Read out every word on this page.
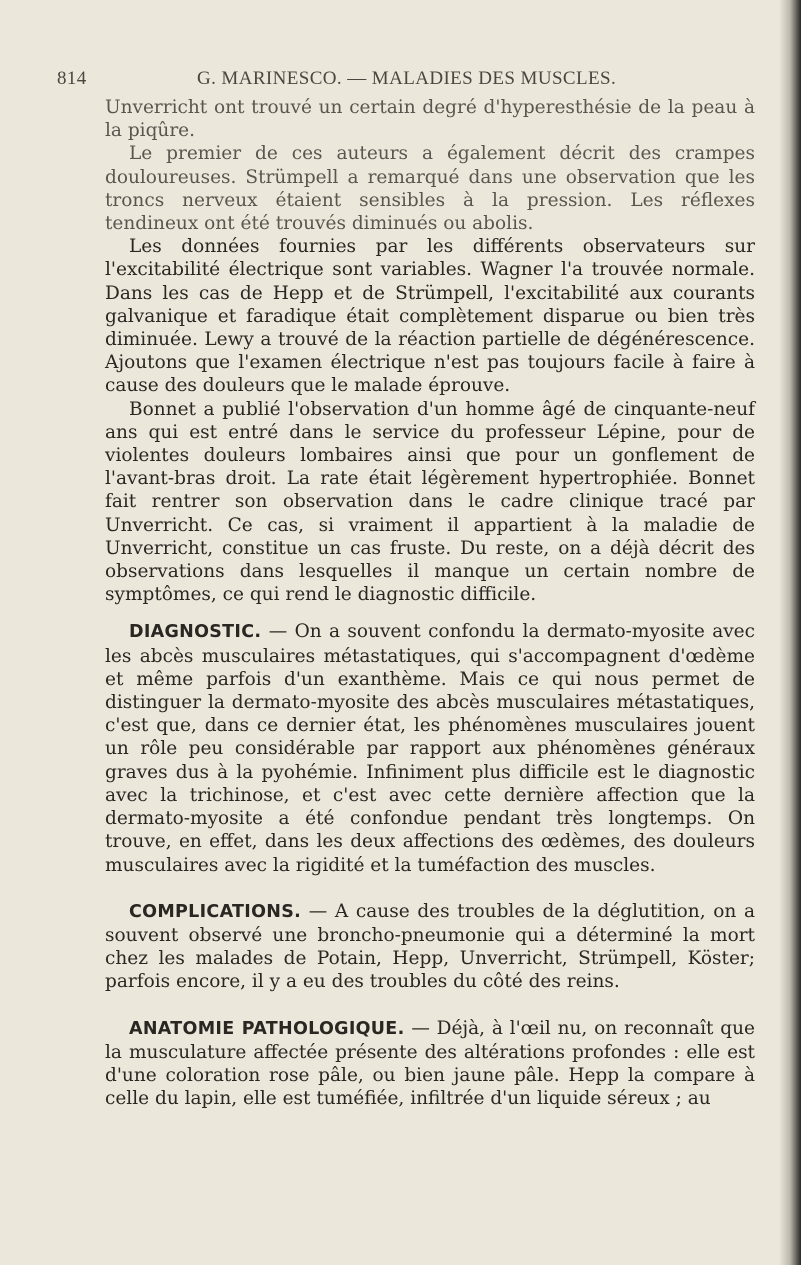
814	G. MARINESCO. — MALADIES DES MUSCLES.

Unverricht ont trouvé un certain degré d'hyperesthésie de la peau à la piqûre.

Le premier de ces auteurs a également décrit des crampes douloureuses. Strümpell a remarqué dans une observation que les troncs nerveux étaient sensibles à la pression. Les réflexes tendineux ont été trouvés diminués ou abolis.

Les données fournies par les différents observateurs sur l'excitabilité électrique sont variables. Wagner l'a trouvée normale. Dans les cas de Hepp et de Strümpell, l'excitabilité aux courants galvanique et faradique était complètement disparue ou bien très diminuée. Lewy a trouvé de la réaction partielle de dégénérescence. Ajoutons que l'examen électrique n'est pas toujours facile à faire à cause des douleurs que le malade éprouve.

Bonnet a publié l'observation d'un homme âgé de cinquante-neuf ans qui est entré dans le service du professeur Lépine, pour de violentes douleurs lombaires ainsi que pour un gonflement de l'avant-bras droit. La rate était légèrement hypertrophiée. Bonnet fait rentrer son observation dans le cadre clinique tracé par Unverricht. Ce cas, si vraiment il appartient à la maladie de Unverricht, constitue un cas fruste. Du reste, on a déjà décrit des observations dans lesquelles il manque un certain nombre de symptômes, ce qui rend le diagnostic difficile.

DIAGNOSTIC. — On a souvent confondu la dermato-myosite avec les abcès musculaires métastatiques, qui s'accompagnent d'œdème et même parfois d'un exanthème. Mais ce qui nous permet de distinguer la dermato-myosite des abcès musculaires métastatiques, c'est que, dans ce dernier état, les phénomènes musculaires jouent un rôle peu considérable par rapport aux phénomènes généraux graves dus à la pyohémie. Infiniment plus difficile est le diagnostic avec la trichinose, et c'est avec cette dernière affection que la dermato-myosite a été confondue pendant très longtemps. On trouve, en effet, dans les deux affections des œdèmes, des douleurs musculaires avec la rigidité et la tuméfaction des muscles.

COMPLICATIONS. — A cause des troubles de la déglutition, on a souvent observé une broncho-pneumonie qui a déterminé la mort chez les malades de Potain, Hepp, Unverricht, Strümpell, Köster; parfois encore, il y a eu des troubles du côté des reins.

ANATOMIE PATHOLOGIQUE. — Déjà, à l'œil nu, on reconnaît que la musculature affectée présente des altérations profondes : elle est d'une coloration rose pâle, ou bien jaune pâle. Hepp la compare à celle du lapin, elle est tuméfiée, infiltrée d'un liquide séreux ; au
